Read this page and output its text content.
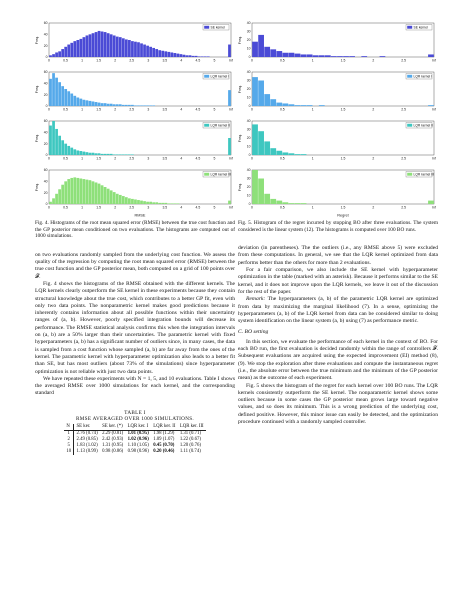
Freq.
60
40
20
0
SE kernel
0	0.5	1	1.5	2	2.5	3	3.5	4	4.5	5	Inf
Freq.
60
40
20
0
LQR kernel I
0	0.5	1	1.5	2	2.5	3	3.5	4	4.5	5	Inf
Freq.
60
40
20
0
LQR kernel II
0	0.5	1	1.5	2	2.5	3	3.5	4	4.5	5	Inf
Freq.
60
40
20
0
LQR kernel III
0	0.5	1	1.5	2	2.5	3	3.5	4	4.5	5	Inf
RMSE

Fig. 4. Histograms of the root mean squared error (RMSE) between the true cost function and the GP posterior mean conditioned on two evaluations. The histograms are computed out of 1000 simulations.

on two evaluations randomly sampled from the underlying cost function. We assess the quality of the regression by computing the root mean squared error (RMSE) between the true cost function and the GP posterior mean, both computed on a grid of 100 points over 𝓕.

Fig. 4 shows the histograms of the RMSE obtained with the different kernels. The LQR kernels clearly outperform the SE kernel in these experiments because they contain structural knowledge about the true cost, which contributes to a better GP fit, even with only two data points. The nonparametric kernel makes good predictions because it inherently contains information about all possible functions within their uncertainty ranges of (a, b). However, poorly specified integration bounds will decrease its performance. The RMSE statistical analysis confirms this when the integration intervals on (a, b) are a 50% larger than their uncertainties. The parametric kernel with fixed hyperparameters (a, b) has a significant number of outliers since, in many cases, the data is sampled from a cost function whose sampled (a, b) are far away from the ones of the kernel. The parametric kernel with hyperparameter optimization also leads to a better fit than SE, but has most outliers (about 73% of the simulations) since hyperparameter optimization is not reliable with just two data points.

We have repeated these experiments with N = 1, 5, and 10 evaluations. Table I shows the averaged RMSE over 1000 simulations for each kernel, and the corresponding standard

TABLE I

RMSE AVERAGED OVER 1000 SIMULATIONS.

N	SE ker.	SE ker. (*)	LQR ker. I	LQR ker. II	LQR ker. III
1	2.76 (0.74)	2.29 (0.81)	1.01 (0.95)	1.98 (1.29)	1.31 (0.71)
2	2.49 (0.85)	2.42 (0.93)	1.02 (0.96)	1.09 (1.07)	1.22 (0.67)
5	1.83 (1.02)	1.31 (0.95)	1.10 (1.05)	0.45 (0.70)	1.20 (0.76)
10	1.13 (0.99)	0.98 (0.86)	0.98 (0.96)	0.20 (0.46)	1.11 (0.74)
Freq.
40
30
20
10
0
SE kernel
0	0.5	1	1.5	2	2.5	Inf
Freq.
40
30
20
10
0
LQR kernel I
0	0.5	1	1.5	2	2.5	Inf
Freq.
40
30
20
10
0
LQR kernel II
0	0.5	1	1.5	2	2.5	Inf
Freq.
40
30
20
10
0
LQR kernel III
0	0.5	1	1.5	2	2.5	Inf
Regret

Fig. 5. Histogram of the regret incurred by stopping BO after three evaluations. The system considered is the linear system (12). The histograms is computed over 100 BO runs.

deviation (in parentheses). The the outliers (i.e., any RMSE above 5) were excluded from these computations. In general, we see that the LQR kernel optimized from data performs better than the others for more than 2 evaluations.

For a fair comparison, we also include the SE kernel with hyperparameter optimization in the table (marked with an asterisk). Because it performs similar to the SE kernel, and it does not improve upon the LQR kernels, we leave it out of the discussion for the rest of the paper.

Remark: The hyperparameters (a, b) of the parametric LQR kernel are optimized from data by maximizing the marginal likelihood (7). In a sense, optimizing the hyperparameters (a, b) of the LQR kernel from data can be considered similar to doing system identification on the linear system (a, b) using (7) as performance metric.

C. BO setting

In this section, we evaluate the performance of each kernel in the context of BO. For each BO run, the first evaluation is decided randomly within the range of controllers 𝓕. Subsequent evaluations are acquired using the expected improvement (EI) method (8), (9). We stop the exploration after three evaluations and compute the instantaneous regret (i.e., the absolute error between the true minimum and the minimum of the GP posterior mean) as the outcome of each experiment.

Fig. 5 shows the histogram of the regret for each kernel over 100 BO runs. The LQR kernels consistently outperform the SE kernel. The nonparametric kernel shows some outliers because in some cases the GP posterior mean grows large toward negative values, and so does its minimum. This is a wrong prediction of the underlying cost, defined positive. However, this minor issue can easily be detected, and the optimization procedure continued with a randomly sampled controller.
